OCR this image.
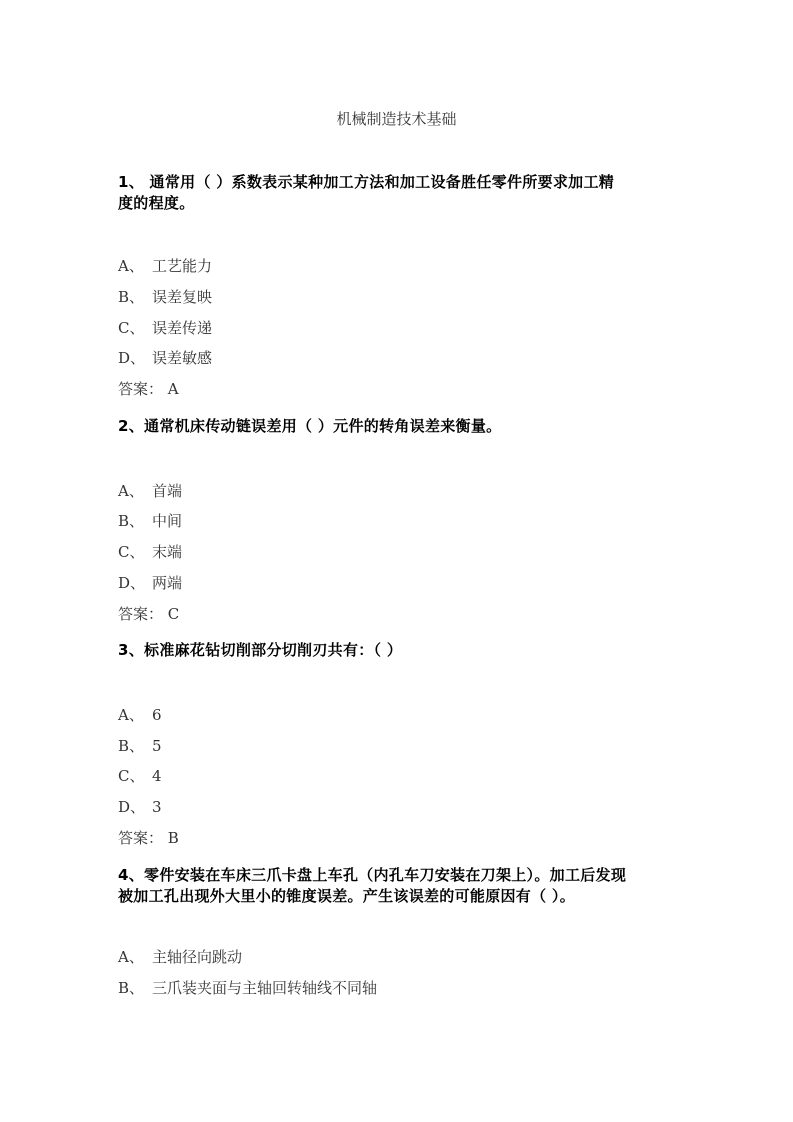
机械制造技术基础
1、 通常用（ ）系数表示某种加工方法和加工设备胜任零件所要求加工精
度的程度。
A、 工艺能力
B、 误差复映
C、 误差传递
D、 误差敏感
答案： A
2、通常机床传动链误差用（ ）元件的转角误差来衡量。
A、 首端
B、 中间
C、 末端
D、 两端
答案： C
3、标准麻花钻切削部分切削刃共有：（ ）
A、 6
B、 5
C、 4
D、 3
答案： B
4、零件安装在车床三爪卡盘上车孔（内孔车刀安装在刀架上）。加工后发现
被加工孔出现外大里小的锥度误差。产生该误差的可能原因有（ ）。
A、 主轴径向跳动
B、 三爪装夹面与主轴回转轴线不同轴
